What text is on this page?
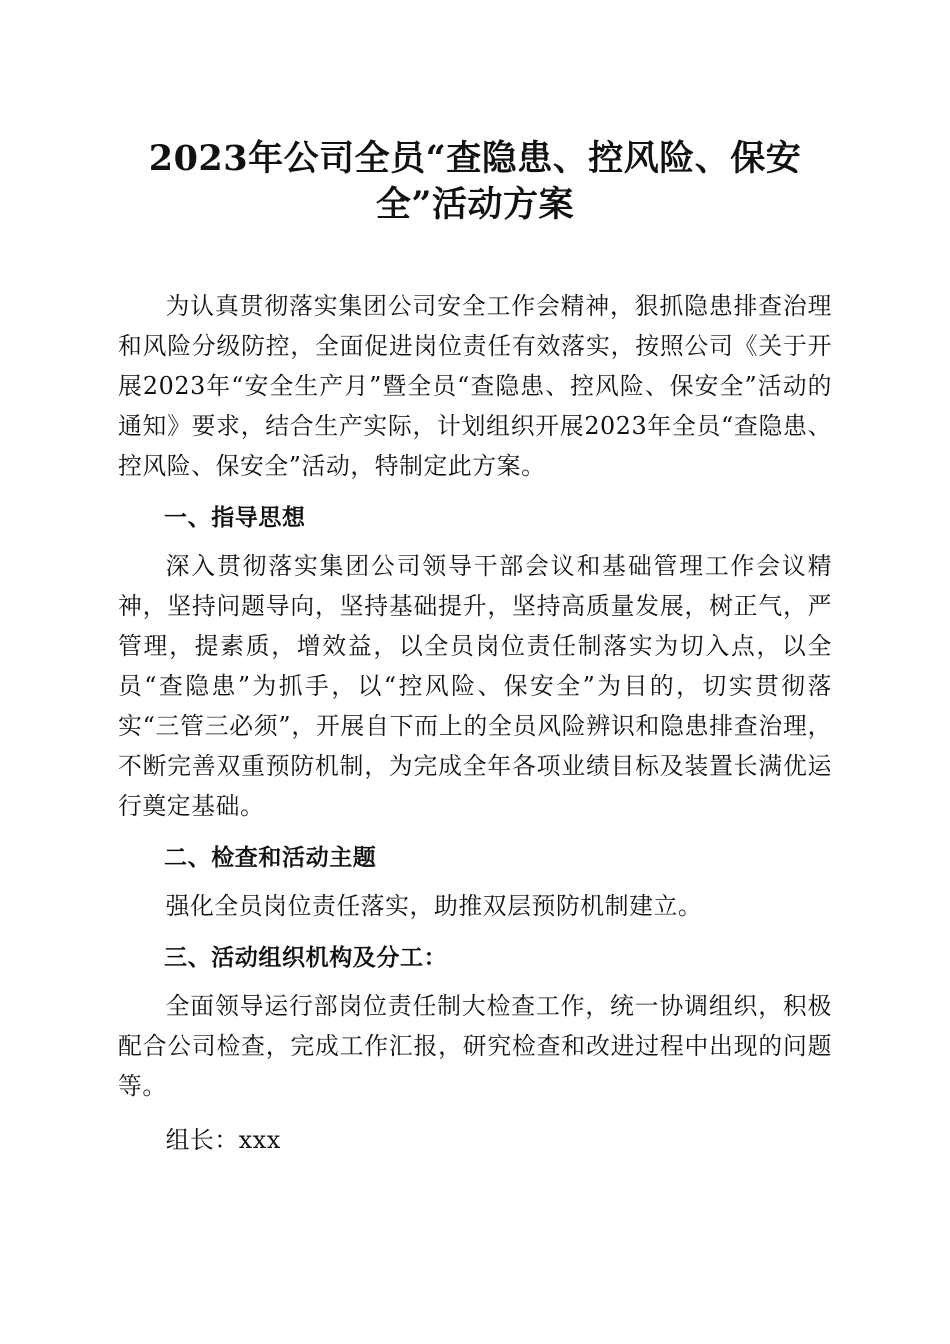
2023年公司全员“查隐患、控风险、保安
全”活动方案

为认真贯彻落实集团公司安全工作会精神，狠抓隐患排查治理和风险分级防控，全面促进岗位责任有效落实，按照公司《关于开展2023年“安全生产月”暨全员“查隐患、控风险、保安全”活动的通知》要求，结合生产实际，计划组织开展2023年全员“查隐患、控风险、保安全”活动，特制定此方案。

一、指导思想

深入贯彻落实集团公司领导干部会议和基础管理工作会议精神，坚持问题导向，坚持基础提升，坚持高质量发展，树正气，严管理，提素质，增效益，以全员岗位责任制落实为切入点，以全员“查隐患”为抓手，以“控风险、保安全”为目的，切实贯彻落实“三管三必须”，开展自下而上的全员风险辨识和隐患排查治理，不断完善双重预防机制，为完成全年各项业绩目标及装置长满优运行奠定基础。

二、检查和活动主题

强化全员岗位责任落实，助推双层预防机制建立。

三、活动组织机构及分工：

全面领导运行部岗位责任制大检查工作，统一协调组织，积极配合公司检查，完成工作汇报，研究检查和改进过程中出现的问题等。

组长：xxx
